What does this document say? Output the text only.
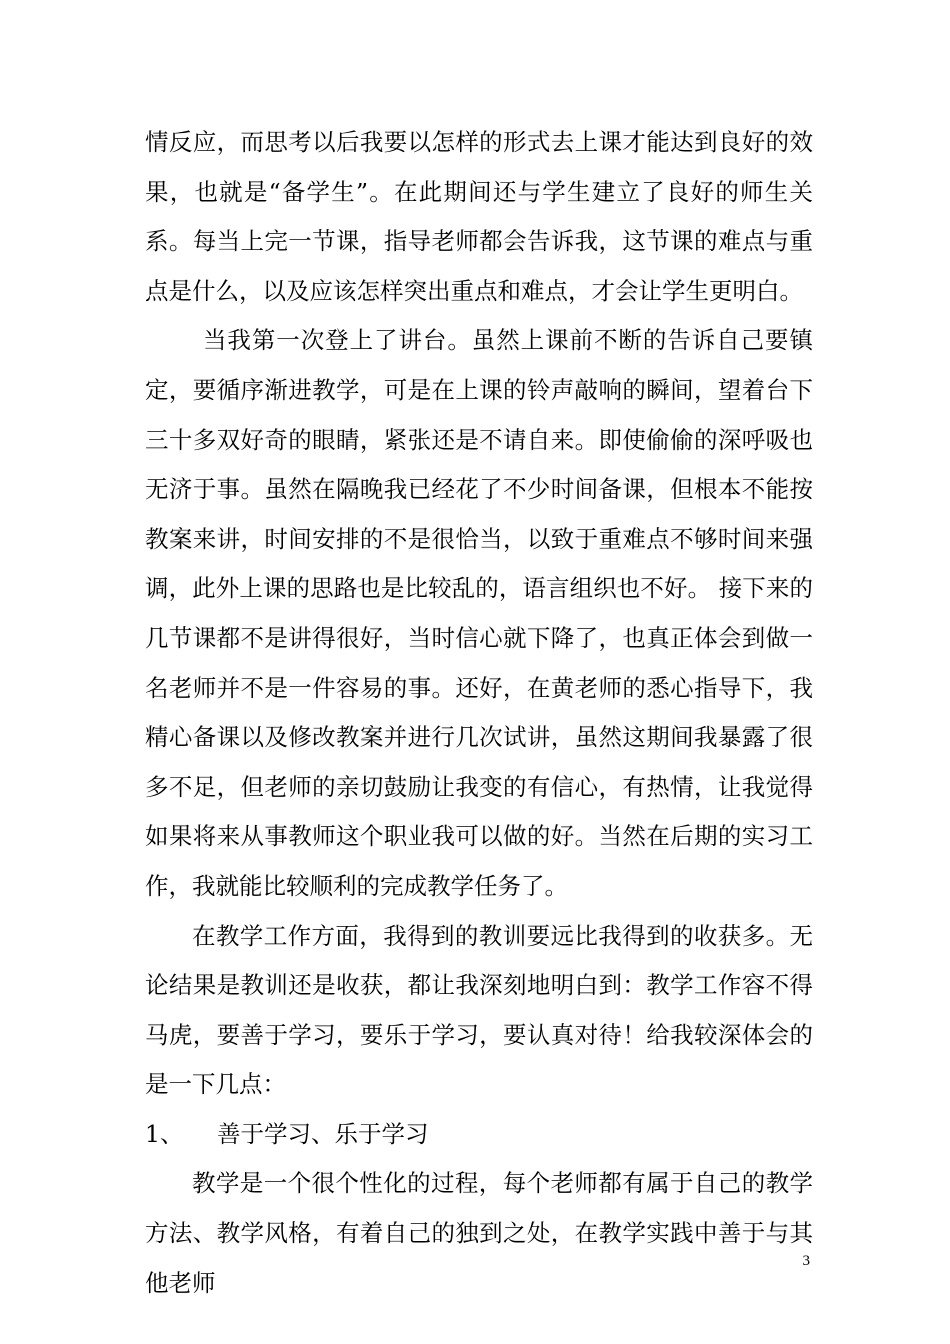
情反应，而思考以后我要以怎样的形式去上课才能达到良好的效果，也就是“备学生”。在此期间还与学生建立了良好的师生关系。每当上完一节课，指导老师都会告诉我，这节课的难点与重点是什么，以及应该怎样突出重点和难点，才会让学生更明白。

当我第一次登上了讲台。虽然上课前不断的告诉自己要镇定，要循序渐进教学，可是在上课的铃声敲响的瞬间，望着台下三十多双好奇的眼睛，紧张还是不请自来。即使偷偷的深呼吸也无济于事。虽然在隔晚我已经花了不少时间备课，但根本不能按教案来讲，时间安排的不是很恰当，以致于重难点不够时间来强调，此外上课的思路也是比较乱的，语言组织也不好。 接下来的几节课都不是讲得很好，当时信心就下降了，也真正体会到做一名老师并不是一件容易的事。还好，在黄老师的悉心指导下，我精心备课以及修改教案并进行几次试讲，虽然这期间我暴露了很多不足，但老师的亲切鼓励让我变的有信心，有热情，让我觉得如果将来从事教师这个职业我可以做的好。当然在后期的实习工作，我就能比较顺利的完成教学任务了。

在教学工作方面，我得到的教训要远比我得到的收获多。无论结果是教训还是收获，都让我深刻地明白到：教学工作容不得马虎，要善于学习，要乐于学习，要认真对待！给我较深体会的是一下几点：

1、 善于学习、乐于学习

教学是一个很个性化的过程，每个老师都有属于自己的教学方法、教学风格，有着自己的独到之处，在教学实践中善于与其他老师

3
